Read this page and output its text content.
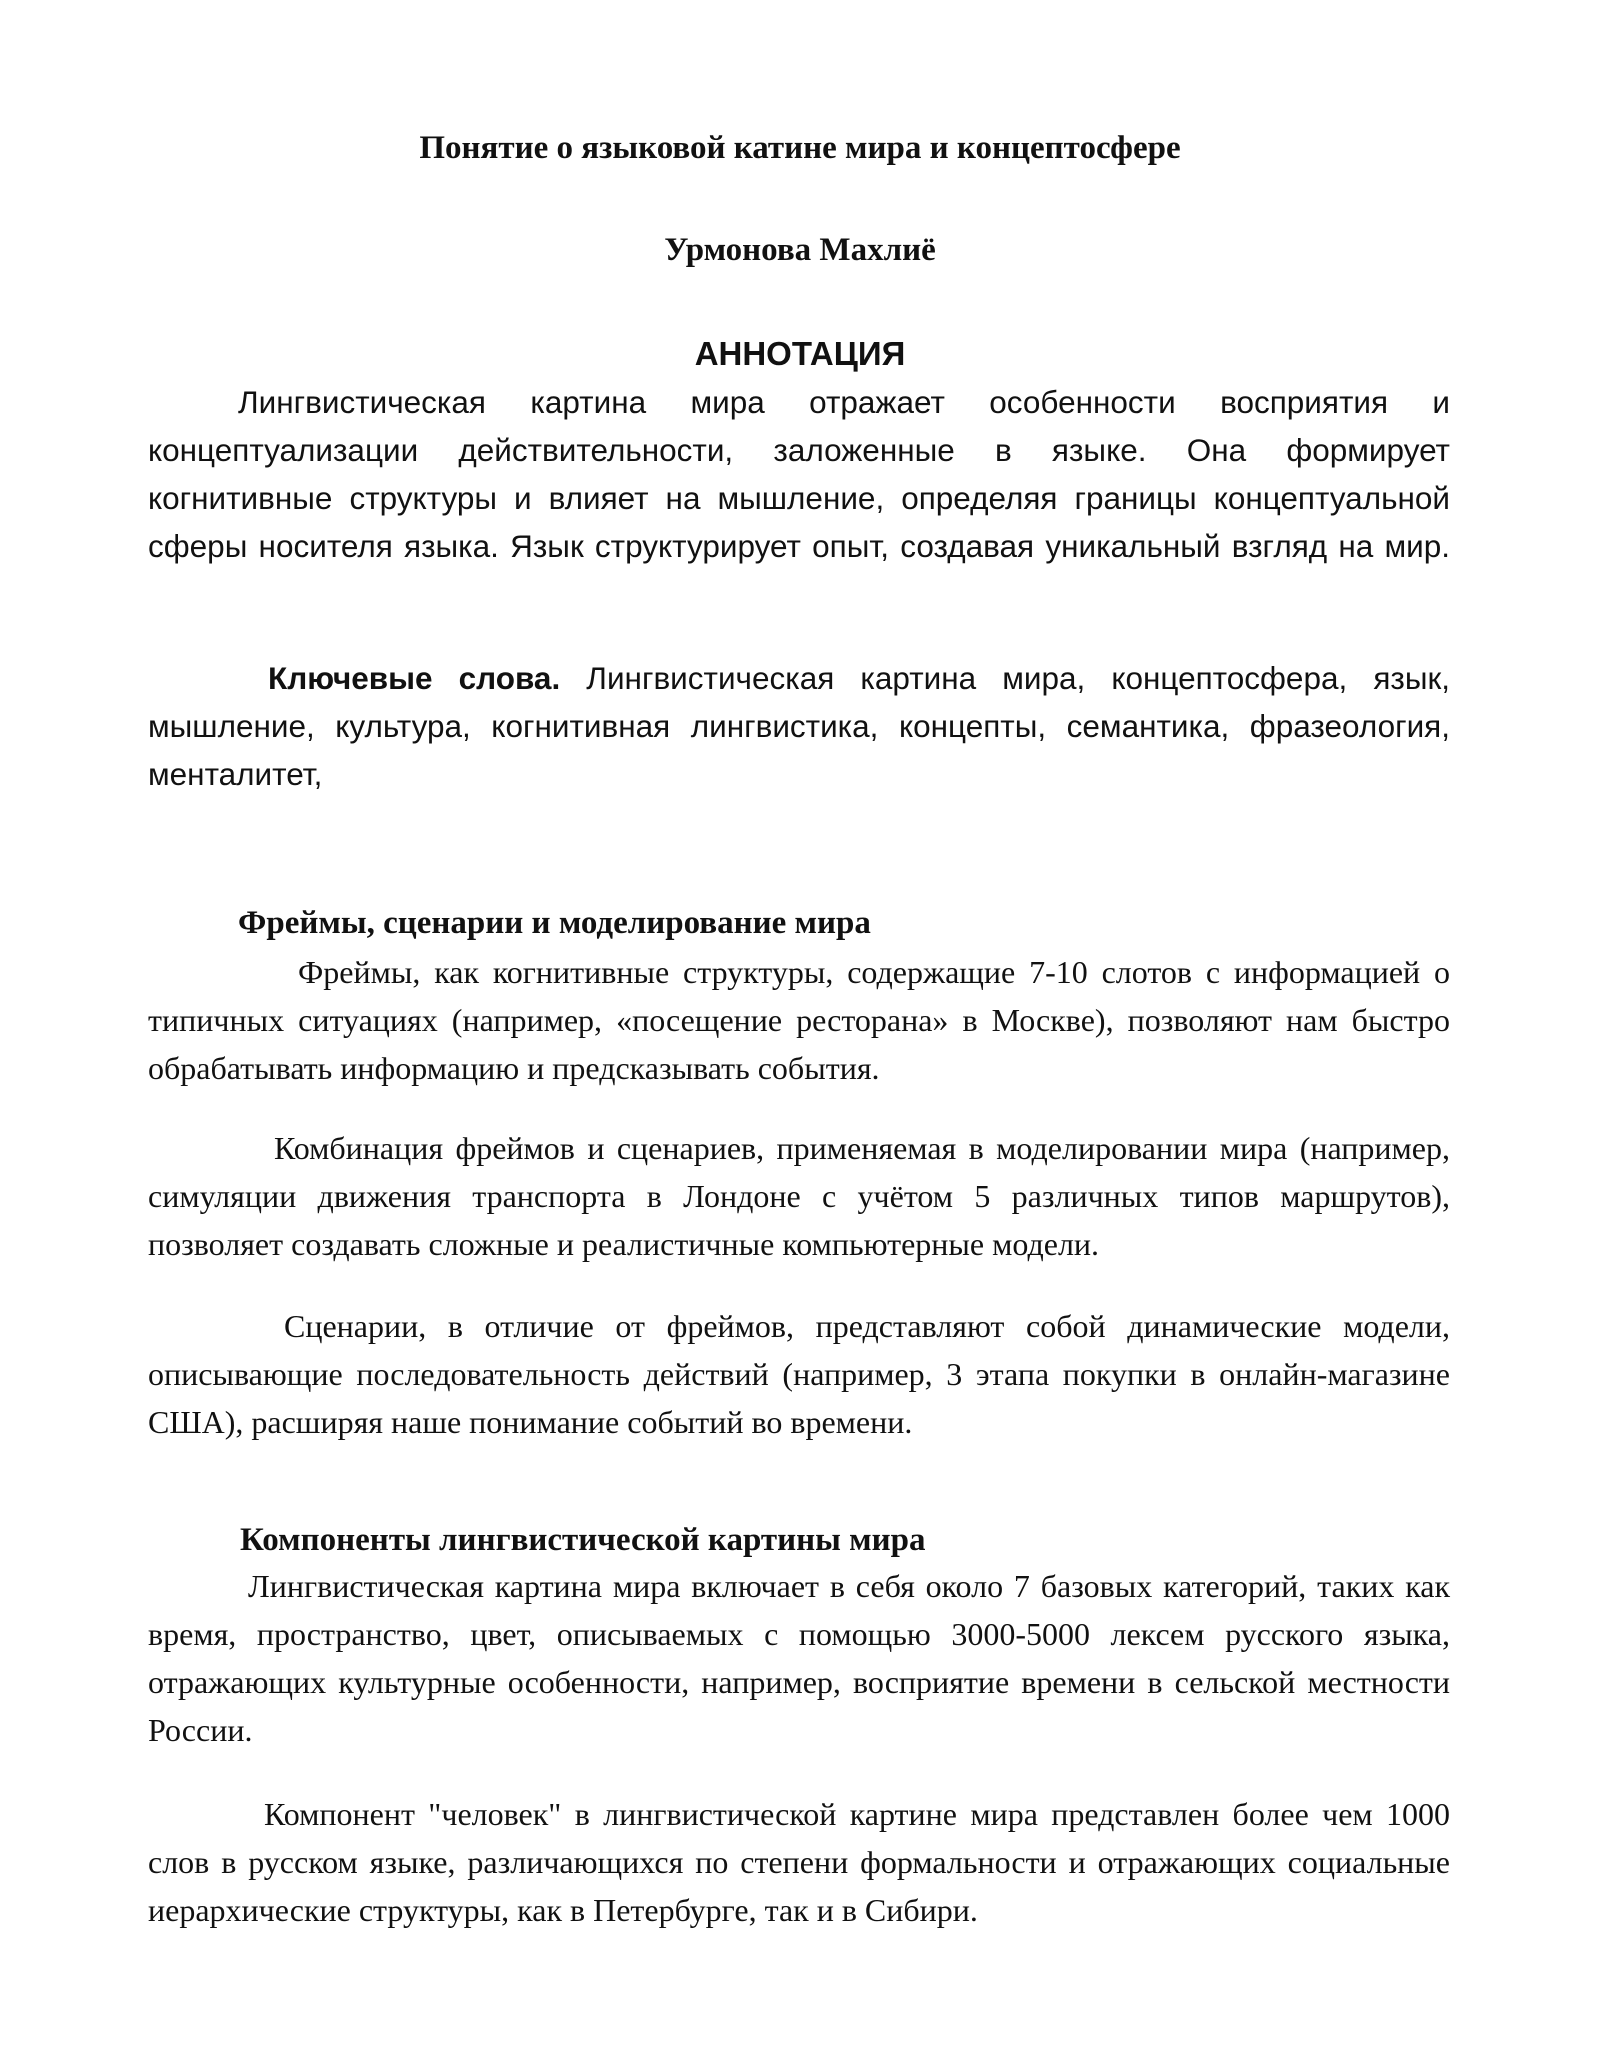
Понятие о языковой катине мира и концептосфере
Урмонова Махлиё
АННОТАЦИЯ

Лингвистическая картина мира отражает особенности восприятия и концептуализации действительности, заложенные в языке. Она формирует когнитивные структуры и влияет на мышление, определяя границы концептуальной сферы носителя языка. Язык структурирует опыт, создавая уникальный взгляд на мир.

Ключевые слова. Лингвистическая картина мира, концептосфера, язык, мышление, культура, когнитивная лингвистика, концепты, семантика, фразеология, менталитет,

Фреймы, сценарии и моделирование мира

Фреймы, как когнитивные структуры, содержащие 7-10 слотов с информацией о типичных ситуациях (например, «посещение ресторана» в Москве), позволяют нам быстро обрабатывать информацию и предсказывать события.

Комбинация фреймов и сценариев, применяемая в моделировании мира (например, симуляции движения транспорта в Лондоне с учётом 5 различных типов маршрутов), позволяет создавать сложные и реалистичные компьютерные модели.

Сценарии, в отличие от фреймов, представляют собой динамические модели, описывающие последовательность действий (например, 3 этапа покупки в онлайн-магазине США), расширяя наше понимание событий во времени.

Компоненты лингвистической картины мира

Лингвистическая картина мира включает в себя около 7 базовых категорий, таких как время, пространство, цвет, описываемых с помощью 3000-5000 лексем русского языка, отражающих культурные особенности, например, восприятие времени в сельской местности России.

Компонент "человек" в лингвистической картине мира представлен более чем 1000 слов в русском языке, различающихся по степени формальности и отражающих социальные иерархические структуры, как в Петербурге, так и в Сибири.
